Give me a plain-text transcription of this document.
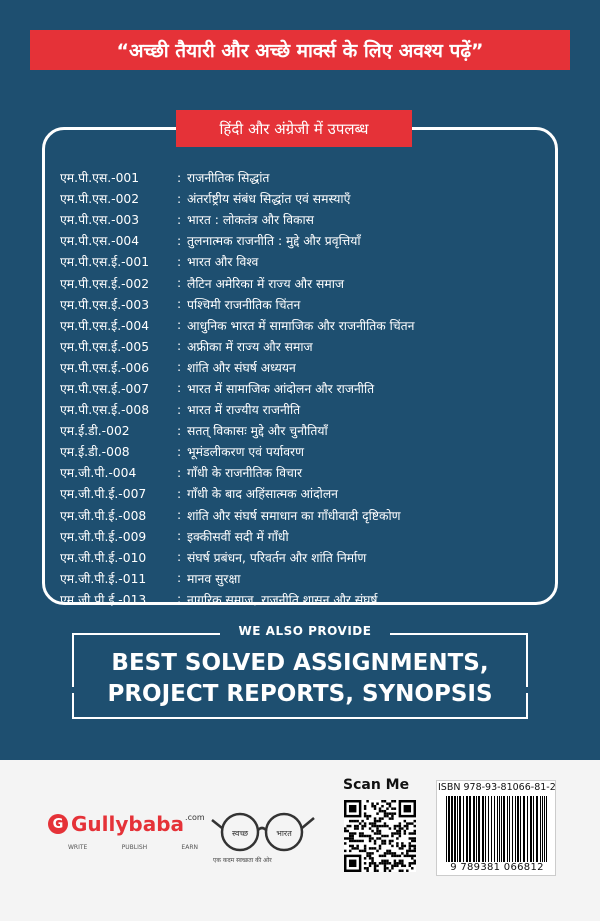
“अच्छी तैयारी और अच्छे मार्क्स के लिए अवश्य पढ़ें”
हिंदी और अंग्रेजी में उपलब्ध
एम.पी.एस.-001	: राजनीतिक सिद्धांत
एम.पी.एस.-002	: अंतर्राष्ट्रीय संबंध सिद्धांत एवं समस्याएँ
एम.पी.एस.-003	: भारत : लोकतंत्र और विकास
एम.पी.एस.-004	: तुलनात्मक राजनीति : मुद्दे और प्रवृत्तियाँ
एम.पी.एस.ई.-001	: भारत और विश्व
एम.पी.एस.ई.-002	: लैटिन अमेरिका में राज्य और समाज
एम.पी.एस.ई.-003	: पश्चिमी राजनीतिक चिंतन
एम.पी.एस.ई.-004	: आधुनिक भारत में सामाजिक और राजनीतिक चिंतन
एम.पी.एस.ई.-005	: अफ्रीका में राज्य और समाज
एम.पी.एस.ई.-006	: शांति और संघर्ष अध्ययन
एम.पी.एस.ई.-007	: भारत में सामाजिक आंदोलन और राजनीति
एम.पी.एस.ई.-008	: भारत में राज्यीय राजनीति
एम.ई.डी.-002	: सतत् विकासः मुद्दे और चुनौतियाँ
एम.ई.डी.-008	: भूमंडलीकरण एवं पर्यावरण
एम.जी.पी.-004	: गाँधी के राजनीतिक विचार
एम.जी.पी.ई.-007	: गाँधी के बाद अहिंसात्मक आंदोलन
एम.जी.पी.ई.-008	: शांति और संघर्ष समाधान का गाँधीवादी दृष्टिकोण
एम.जी.पी.ई.-009	: इक्कीसवीं सदी में गाँधी
एम.जी.पी.ई.-010	: संघर्ष प्रबंधन, परिवर्तन और शांति निर्माण
एम.जी.पी.ई.-011	: मानव सुरक्षा
एम.जी.पी.ई.-013	: नागरिक समाज, राजनीति शासन और संघर्ष
WE ALSO PROVIDE
BEST SOLVED ASSIGNMENTS,
PROJECT REPORTS, SYNOPSIS
G Gullybaba .com
WRITE	PUBLISH	EARN
स्वच्छ	भारत
एक कदम स्वच्छता की ओर
Scan Me	ISBN 978-93-81066-81-2
9 789381 066812
